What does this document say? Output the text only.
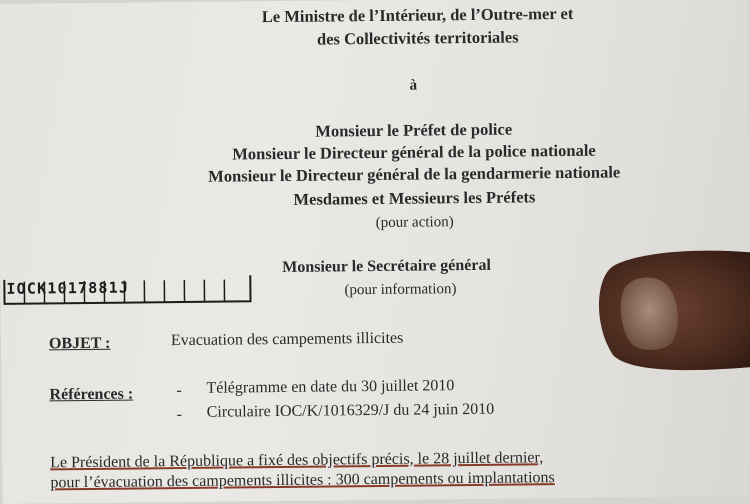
Le Ministre de l’Intérieur, de l’Outre-mer et
des Collectivités territoriales
à
Monsieur le Préfet de police
Monsieur le Directeur général de la police nationale
Monsieur le Directeur général de la gendarmerie nationale
Mesdames et Messieurs les Préfets
(pour action)
IOCK1017881J
Monsieur le Secrétaire général
(pour information)
OBJET :	Evacuation des campements illicites
Références :	-
-
Télégramme en date du 30 juillet 2010
Circulaire IOC/K/1016329/J du 24 juin 2010
Le Président de la République a fixé des objectifs précis, le 28 juillet dernier,
pour l’évacuation des campements illicites : 300 campements ou implantations
